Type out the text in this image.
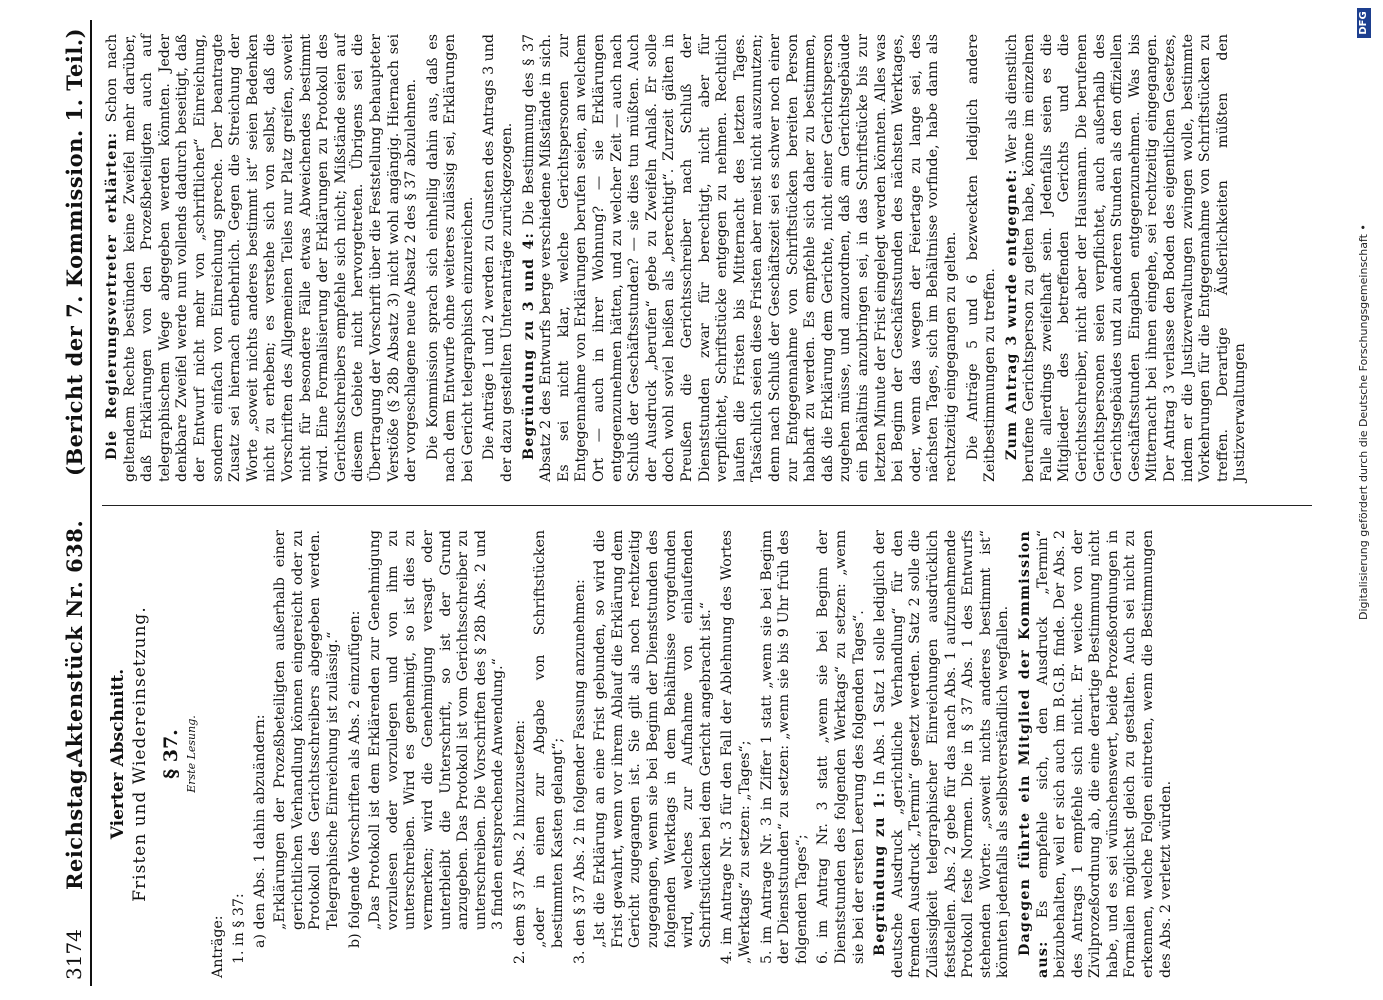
3174
Reichstag.
Aktenstück Nr. 638.
(Bericht der 7. Kommission. 1. Teil.)
Vierter Abschnitt. Fristen und Wiedereinsetzung. § 37. Erste Lesung.
Anträge: 1. in § 37: a) den Abs. 1 dahin abzuändern: „Erklärungen der Prozeßbeteiligten außerhalb einer gerichtlichen Verhandlung können eingereicht oder zu Protokoll des Gerichtsschreibers abgegeben werden. Telegraphische Einreichung ist zulässig.“ b) folgende Vorschriften als Abs. 2 einzufügen: „Das Protokoll ist dem Erklärenden zur Genehmigung vorzulesen oder vorzulegen und von ihm zu unterschreiben. Wird es genehmigt, so ist dies zu vermerken; wird die Genehmigung versagt oder unterbleibt die Unterschrift, so ist der Grund anzugeben. Das Protokoll ist vom Gerichtsschreiber zu unterschreiben. Die Vorschriften des § 28b Abs. 2 und 3 finden entsprechende Anwendung.“ 2. dem § 37 Abs. 2 hinzuzusetzen: „oder in einen zur Abgabe von Schriftstücken bestimmten Kasten gelangt“; 3. den § 37 Abs. 2 in folgender Fassung anzunehmen: „Ist die Erklärung an eine Frist gebunden, so wird die Frist gewahrt, wenn vor ihrem Ablauf die Erklärung dem Gericht zugegangen ist. Sie gilt als noch rechtzeitig zugegangen, wenn sie bei Beginn der Dienststunden des folgenden Werktags in dem Behältnisse vorgefunden wird, welches zur Aufnahme von einlaufenden Schriftstücken bei dem Gericht angebracht ist.“ 4. im Antrage Nr. 3 für den Fall der Ablehnung des Wortes „Werktags“ zu setzen: „Tages“; 5. im Antrage Nr. 3 in Ziffer 1 statt „wenn sie bei Beginn der Dienststunden“ zu setzen: „wenn sie bis 9 Uhr früh des folgenden Tages“; 6. im Antrag Nr. 3 statt „wenn sie bei Beginn der Dienststunden des folgenden Werktags“ zu setzen: „wenn sie bei der ersten Leerung des folgenden Tages“. Begründung zu 1: In Abs. 1 Satz 1 solle lediglich der deutsche Ausdruck „gerichtliche Verhandlung“ für den fremden Ausdruck „Termin“ gesetzt werden. Satz 2 solle die Zulässigkeit telegraphischer Einreichungen ausdrücklich feststellen. Abs. 2 gebe für das nach Abs. 1 aufzunehmende Protokoll feste Normen. Die in § 37 Abs. 1 des Entwurfs stehenden Worte: „soweit nichts anderes bestimmt ist“ könnten jedenfalls als selbstverständlich wegfallen. Dagegen führte ein Mitglied der Kommission aus: Es empfehle sich, den Ausdruck „Termin“ beizubehalten, weil er sich auch im B.G.B. finde. Der Abs. 2 des Antrags 1 empfehle sich nicht. Er weiche von der Zivilprozeßordnung ab, die eine derartige Bestimmung nicht habe, und es sei wünschenswert, beide Prozeßordnungen in Formalien möglichst gleich zu gestalten. Auch sei nicht zu erkennen, welche Folgen eintreten, wenn die Bestimmungen des Abs. 2 verletzt würden.
Die Regierungsvertreter erklärten: Schon nach geltendem Rechte bestünden keine Zweifel mehr darüber, daß Erklärungen von den Prozeßbeteiligten auch auf telegraphischem Wege abgegeben werden könnten. Jeder denkbare Zweifel werde nun vollends dadurch beseitigt, daß der Entwurf nicht mehr von „schriftlicher“ Einreichung, sondern einfach von Einreichung spreche. Der beantragte Zusatz sei hiernach entbehrlich. Gegen die Streichung der Worte „soweit nichts anderes bestimmt ist“ seien Bedenken nicht zu erheben; es verstehe sich von selbst, daß die Vorschriften des Allgemeinen Teiles nur Platz greifen, soweit nicht für besondere Fälle etwas Abweichendes bestimmt wird. Eine Formalisierung der Erklärungen zu Protokoll des Gerichtsschreibers empfehle sich nicht; Mißstände seien auf diesem Gebiete nicht hervorgetreten. Übrigens sei die Übertragung der Vorschrift über die Feststellung behaupteter Verstöße (§ 28b Absatz 3) nicht wohl angängig. Hiernach sei der vorgeschlagene neue Absatz 2 des § 37 abzulehnen. Die Kommission sprach sich einhellig dahin aus, daß es nach dem Entwurfe ohne weiteres zulässig sei, Erklärungen bei Gericht telegraphisch einzureichen. Die Anträge 1 und 2 werden zu Gunsten des Antrags 3 und der dazu gestellten Unteranträge zurückgezogen. Begründung zu 3 und 4: Die Bestimmung des § 37 Absatz 2 des Entwurfs berge verschiedene Mißstände in sich. Es sei nicht klar, welche Gerichtspersonen zur Entgegennahme von Erklärungen berufen seien, an welchem Ort — auch in ihrer Wohnung? — sie Erklärungen entgegenzunehmen hätten, und zu welcher Zeit — auch nach Schluß der Geschäftsstunden? — sie dies tun müßten. Auch der Ausdruck „berufen“ gebe zu Zweifeln Anlaß. Er solle doch wohl soviel heißen als „berechtigt“. Zurzeit gälten in Preußen die Gerichtsschreiber nach Schluß der Dienststunden zwar für berechtigt, nicht aber für verpflichtet, Schriftstücke entgegen zu nehmen. Rechtlich laufen die Fristen bis Mitternacht des letzten Tages. Tatsächlich seien diese Fristen aber meist nicht auszunutzen; denn nach Schluß der Geschäftszeit sei es schwer noch einer zur Entgegennahme von Schriftstücken bereiten Person habhaft zu werden. Es empfehle sich daher zu bestimmen, daß die Erklärung dem Gerichte, nicht einer Gerichtsperson zugehen müsse, und anzuordnen, daß am Gerichtsgebäude ein Behältnis anzubringen sei, in das Schriftstücke bis zur letzten Minute der Frist eingelegt werden könnten. Alles was bei Beginn der Geschäftsstunden des nächsten Werktages, oder, wenn das wegen der Feiertage zu lange sei, des nächsten Tages, sich im Behältnisse vorfinde, habe dann als rechtzeitig eingegangen zu gelten. Die Anträge 5 und 6 bezweckten lediglich andere Zeitbestimmungen zu treffen. Zum Antrag 3 wurde entgegnet: Wer als dienstlich berufene Gerichtsperson zu gelten habe, könne im einzelnen Falle allerdings zweifelhaft sein. Jedenfalls seien es die Mitglieder des betreffenden Gerichts und die Gerichtsschreiber, nicht aber der Hausmann. Die berufenen Gerichtspersonen seien verpflichtet, auch außerhalb des Gerichtsgebäudes und zu anderen Stunden als den offiziellen Geschäftsstunden Eingaben entgegenzunehmen. Was bis Mitternacht bei ihnen eingehe, sei rechtzeitig eingegangen. Der Antrag 3 verlasse den Boden des eigentlichen Gesetzes, indem er die Justizverwaltungen zwingen wolle, bestimmte Vorkehrungen für die Entgegennahme von Schriftstücken zu treffen. Derartige Äußerlichkeiten müßten den Justizverwaltungen	Digitalisierung gefördert durch die Deutsche Forschungsgemeinschaft •
DFG
